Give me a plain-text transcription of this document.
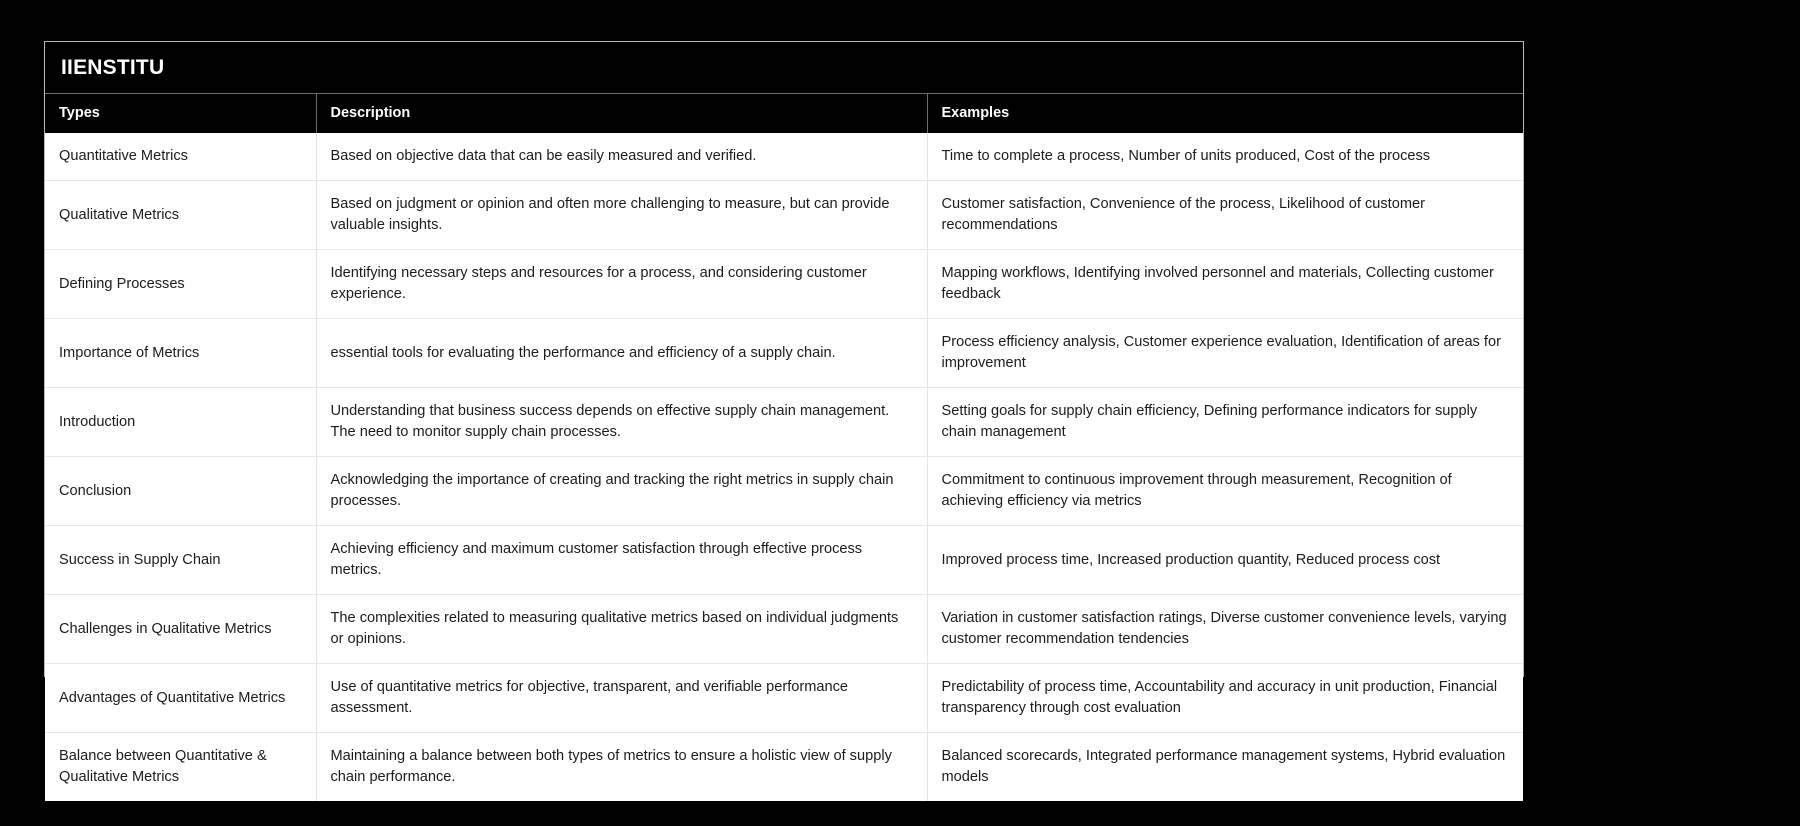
IIENSTITU
Types	Description	Examples
Quantitative Metrics	Based on objective data that can be easily measured and verified.	Time to complete a process, Number of units produced, Cost of the process
Qualitative Metrics	Based on judgment or opinion and often more challenging to measure, but can provide valuable insights.	Customer satisfaction, Convenience of the process, Likelihood of customer recommendations
Defining Processes	Identifying necessary steps and resources for a process, and considering customer experience.	Mapping workflows, Identifying involved personnel and materials, Collecting customer feedback
Importance of Metrics	essential tools for evaluating the performance and efficiency of a supply chain.	Process efficiency analysis, Customer experience evaluation, Identification of areas for improvement
Introduction	Understanding that business success depends on effective supply chain management. The need to monitor supply chain processes.	Setting goals for supply chain efficiency, Defining performance indicators for supply chain management
Conclusion	Acknowledging the importance of creating and tracking the right metrics in supply chain processes.	Commitment to continuous improvement through measurement, Recognition of achieving efficiency via metrics
Success in Supply Chain	Achieving efficiency and maximum customer satisfaction through effective process metrics.	Improved process time, Increased production quantity, Reduced process cost
Challenges in Qualitative Metrics	The complexities related to measuring qualitative metrics based on individual judgments or opinions.	Variation in customer satisfaction ratings, Diverse customer convenience levels, varying customer recommendation tendencies
Advantages of Quantitative Metrics	Use of quantitative metrics for objective, transparent, and verifiable performance assessment.	Predictability of process time, Accountability and accuracy in unit production, Financial transparency through cost evaluation
Balance between Quantitative & Qualitative Metrics	Maintaining a balance between both types of metrics to ensure a holistic view of supply chain performance.	Balanced scorecards, Integrated performance management systems, Hybrid evaluation models
